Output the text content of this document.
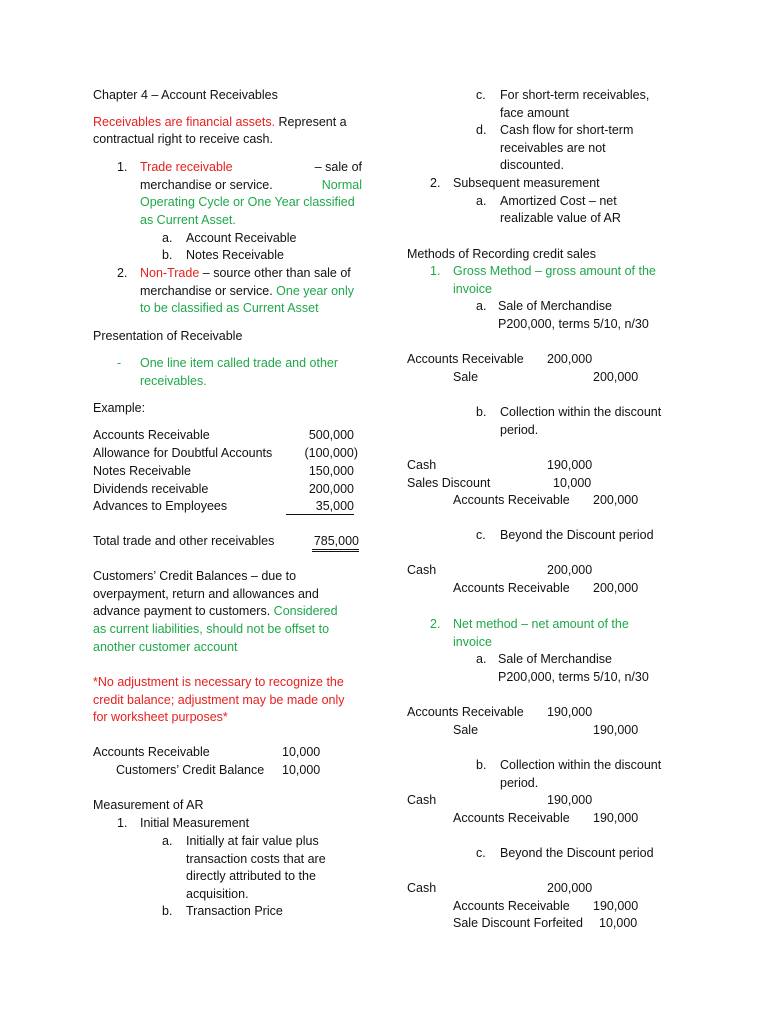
Chapter 4 – Account Receivables
Receivables are financial assets. Represent a
contractual right to receive cash.
1. Trade receivable	– sale of
merchandise or service.	Normal
Operating Cycle or One Year classified
as Current Asset.
a. Account Receivable
b. Notes Receivable
2. Non-Trade – source other than sale of
merchandise or service. One year only
to be classified as Current Asset
Presentation of Receivable
- One line item called trade and other
receivables.
Example:
Accounts Receivable	500,000
Allowance for Doubtful Accounts	(100,000)
Notes Receivable	150,000
Dividends receivable	200,000
Advances to Employees	35,000
Total trade and other receivables	785,000
Customers’ Credit Balances – due to
overpayment, return and allowances and
advance payment to customers. Considered
as current liabilities, should not be offset to
another customer account
*No adjustment is necessary to recognize the
credit balance; adjustment may be made only
for worksheet purposes*
Accounts Receivable	10,000
Customers’ Credit Balance 10,000
Measurement of AR
1. Initial Measurement
a. Initially at fair value plus
transaction costs that are
directly attributed to the
acquisition.
b. Transaction Price
c. For short-term receivables,
face amount
d. Cash flow for short-term
receivables are not
discounted.
2. Subsequent measurement
a. Amortized Cost – net
realizable value of AR
Methods of Recording credit sales
1. Gross Method – gross amount of the
invoice
a. Sale of Merchandise
P200,000, terms 5/10, n/30
Accounts Receivable 200,000
Sale	200,000
b. Collection within the discount
period.
Cash	190,000
Sales Discount	10,000
Accounts Receivable 200,000
c. Beyond the Discount period
Cash	200,000
Accounts Receivable 200,000
2. Net method – net amount of the
invoice
a. Sale of Merchandise
P200,000, terms 5/10, n/30
Accounts Receivable 190,000
Sale	190,000
b. Collection within the discount
period.
Cash	190,000
Accounts Receivable 190,000
c. Beyond the Discount period
Cash	200,000
Accounts Receivable 190,000
Sale Discount Forfeited 10,000
